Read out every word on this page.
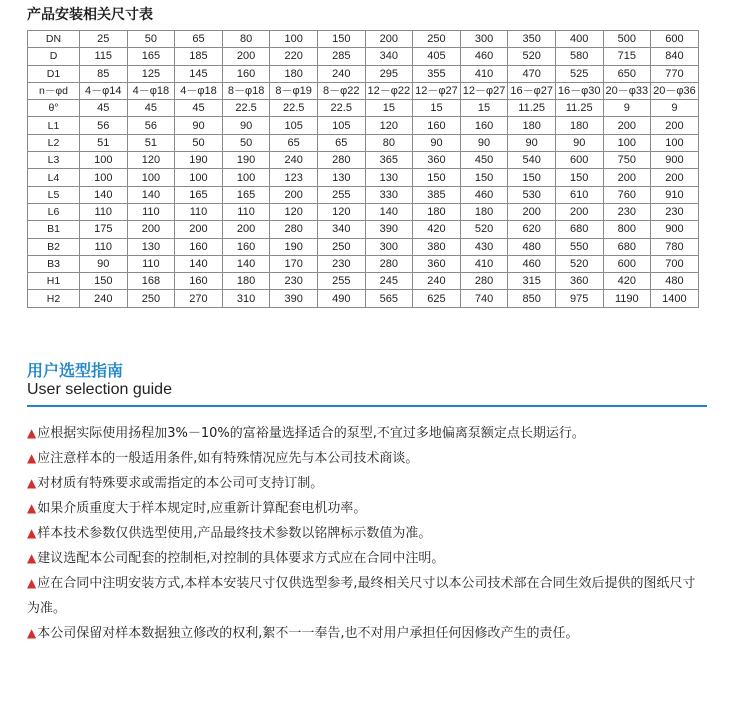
产品安装相关尺寸表
DN	25	50	65	80	100	150	200	250	300	350	400	500	600
D	115	165	185	200	220	285	340	405	460	520	580	715	840
D1	85	125	145	160	180	240	295	355	410	470	525	650	770
n－φd	4－φ14	4－φ18	4－φ18	8－φ18	8－φ19	8－φ22	12－φ22	12－φ27	12－φ27	16－φ27	16－φ30	20－φ33	20－φ36
θ°	45	45	45	22.5	22.5	22.5	15	15	15	11.25	11.25	9	9
L1	56	56	90	90	105	105	120	160	160	180	180	200	200
L2	51	51	50	50	65	65	80	90	90	90	90	100	100
L3	100	120	190	190	240	280	365	360	450	540	600	750	900
L4	100	100	100	100	123	130	130	150	150	150	150	200	200
L5	140	140	165	165	200	255	330	385	460	530	610	760	910
L6	110	110	110	110	120	120	140	180	180	200	200	230	230
B1	175	200	200	200	280	340	390	420	520	620	680	800	900
B2	110	130	160	160	190	250	300	380	430	480	550	680	780
B3	90	110	140	140	170	230	280	360	410	460	520	600	700
H1	150	168	160	180	230	255	245	240	280	315	360	420	480
H2	240	250	270	310	390	490	565	625	740	850	975	1190	1400
用户选型指南
User selection guide
▲应根据实际使用扬程加3%－10%的富裕量选择适合的泵型,不宜过多地偏离泵额定点长期运行。
▲应注意样本的一般适用条件,如有特殊情况应先与本公司技术商谈。
▲对材质有特殊要求或需指定的本公司可支持订制。
▲如果介质重度大于样本规定时,应重新计算配套电机功率。
▲样本技术参数仅供选型使用,产品最终技术参数以铭牌标示数值为准。
▲建议选配本公司配套的控制柜,对控制的具体要求方式应在合同中注明。
▲应在合同中注明安装方式,本样本安装尺寸仅供选型参考,最终相关尺寸以本公司技术部在合同生效后提供的图纸尺寸为准。
▲本公司保留对样本数据独立修改的权利,絮不一一奉告,也不对用户承担任何因修改产生的责任。
